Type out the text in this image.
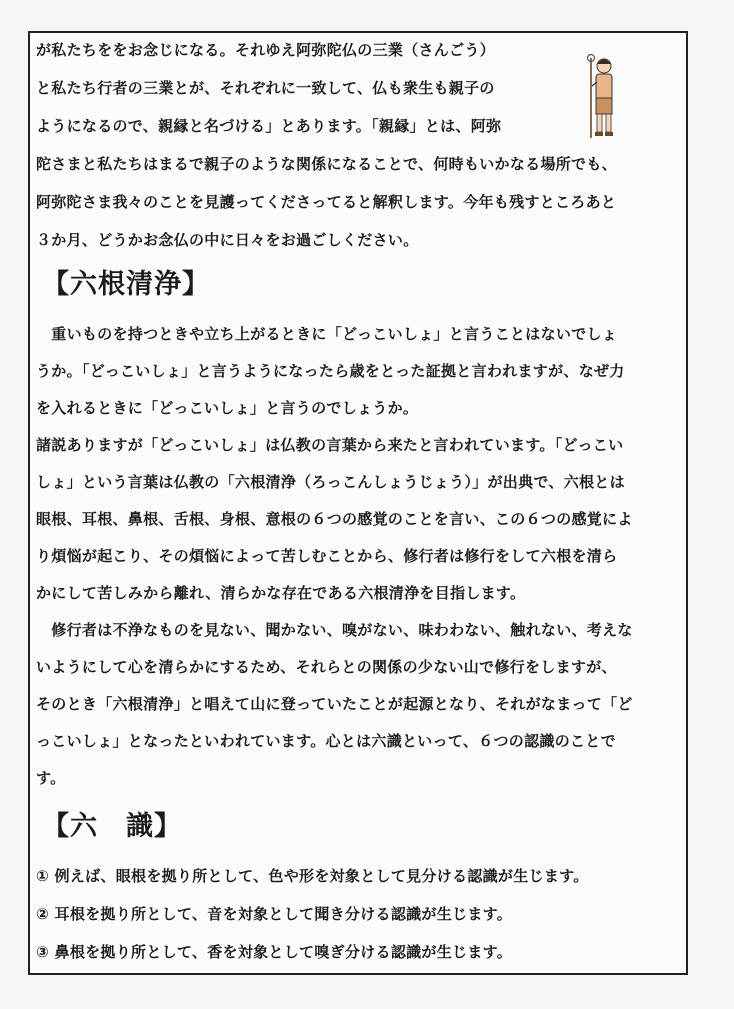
が私たちををお念じになる。それゆえ阿弥陀仏の三業（さんごう）
と私たち行者の三業とが、それぞれに一致して、仏も衆生も親子の
ようになるので、親縁と名づける」とあります。「親縁」とは、阿弥
陀さまと私たちはまるで親子のような関係になることで、何時もいかなる場所でも、
阿弥陀さま我々のことを見護ってくださってると解釈します。今年も残すところあと
３か月、どうかお念仏の中に日々をお過ごしください。
【六根清浄】
　重いものを持つときや立ち上がるときに「どっこいしょ」と言うことはないでしょ
うか。「どっこいしょ」と言うようになったら歳をとった証拠と言われますが、なぜ力
を入れるときに「どっこいしょ」と言うのでしょうか。
諸説ありますが「どっこいしょ」は仏教の言葉から来たと言われています。「どっこい
しょ」という言葉は仏教の「六根清浄（ろっこんしょうじょう）」が出典で、六根とは
眼根、耳根、鼻根、舌根、身根、意根の６つの感覚のことを言い、この６つの感覚によ
り煩悩が起こり、その煩悩によって苦しむことから、修行者は修行をして六根を清ら
かにして苦しみから離れ、清らかな存在である六根清浄を目指します。
　修行者は不浄なものを見ない、聞かない、嗅がない、味わわない、触れない、考えな
いようにして心を清らかにするため、それらとの関係の少ない山で修行をしますが、
そのとき「六根清浄」と唱えて山に登っていたことが起源となり、それがなまって「ど
っこいしょ」となったといわれています。心とは六識といって、６つの認識のことで
す。
【六　識】
① 例えば、眼根を拠り所として、色や形を対象として見分ける認識が生じます。
② 耳根を拠り所として、音を対象として聞き分ける認識が生じます。
③ 鼻根を拠り所として、香を対象として嗅ぎ分ける認識が生じます。
